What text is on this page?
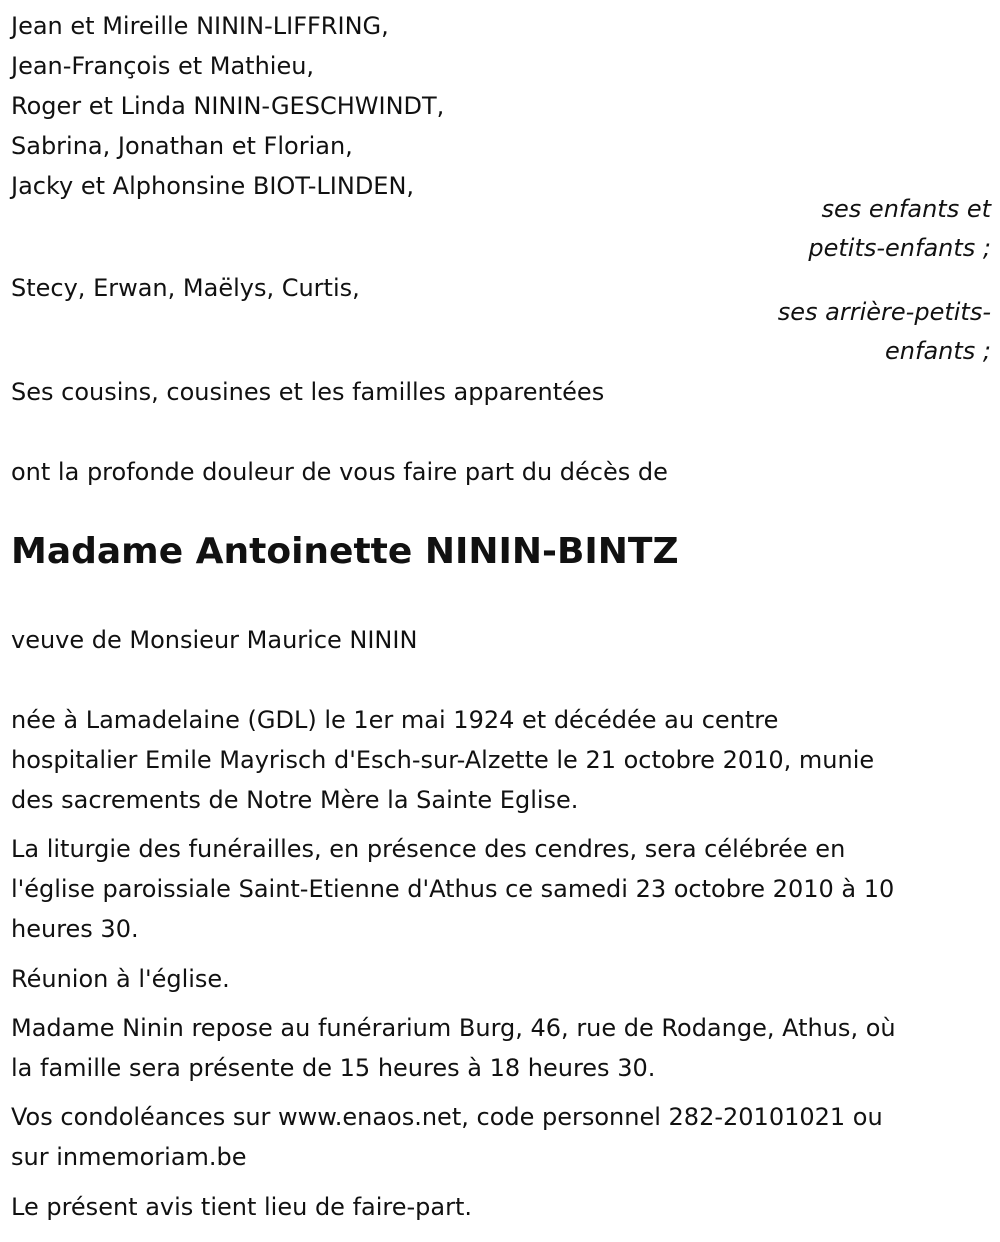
Jean et Mireille NININ-LIFFRING,
Jean-François et Mathieu,
Roger et Linda NININ-GESCHWINDT,
Sabrina, Jonathan et Florian,
Jacky et Alphonsine BIOT-LINDEN,
ses enfants et
petits-enfants ;
Stecy, Erwan, Maëlys, Curtis,
ses arrière-petits-
enfants ;
Ses cousins, cousines et les familles apparentées
ont la profonde douleur de vous faire part du décès de
Madame Antoinette NININ-BINTZ
veuve de Monsieur Maurice NININ
née à Lamadelaine (GDL) le 1er mai 1924 et décédée au centre
hospitalier Emile Mayrisch d'Esch-sur-Alzette le 21 octobre 2010, munie
des sacrements de Notre Mère la Sainte Eglise.
La liturgie des funérailles, en présence des cendres, sera célébrée en
l'église paroissiale Saint-Etienne d'Athus ce samedi 23 octobre 2010 à 10
heures 30.
Réunion à l'église.
Madame Ninin repose au funérarium Burg, 46, rue de Rodange, Athus, où
la famille sera présente de 15 heures à 18 heures 30.
Vos condoléances sur www.enaos.net, code personnel 282-20101021 ou
sur inmemoriam.be
Le présent avis tient lieu de faire-part.
